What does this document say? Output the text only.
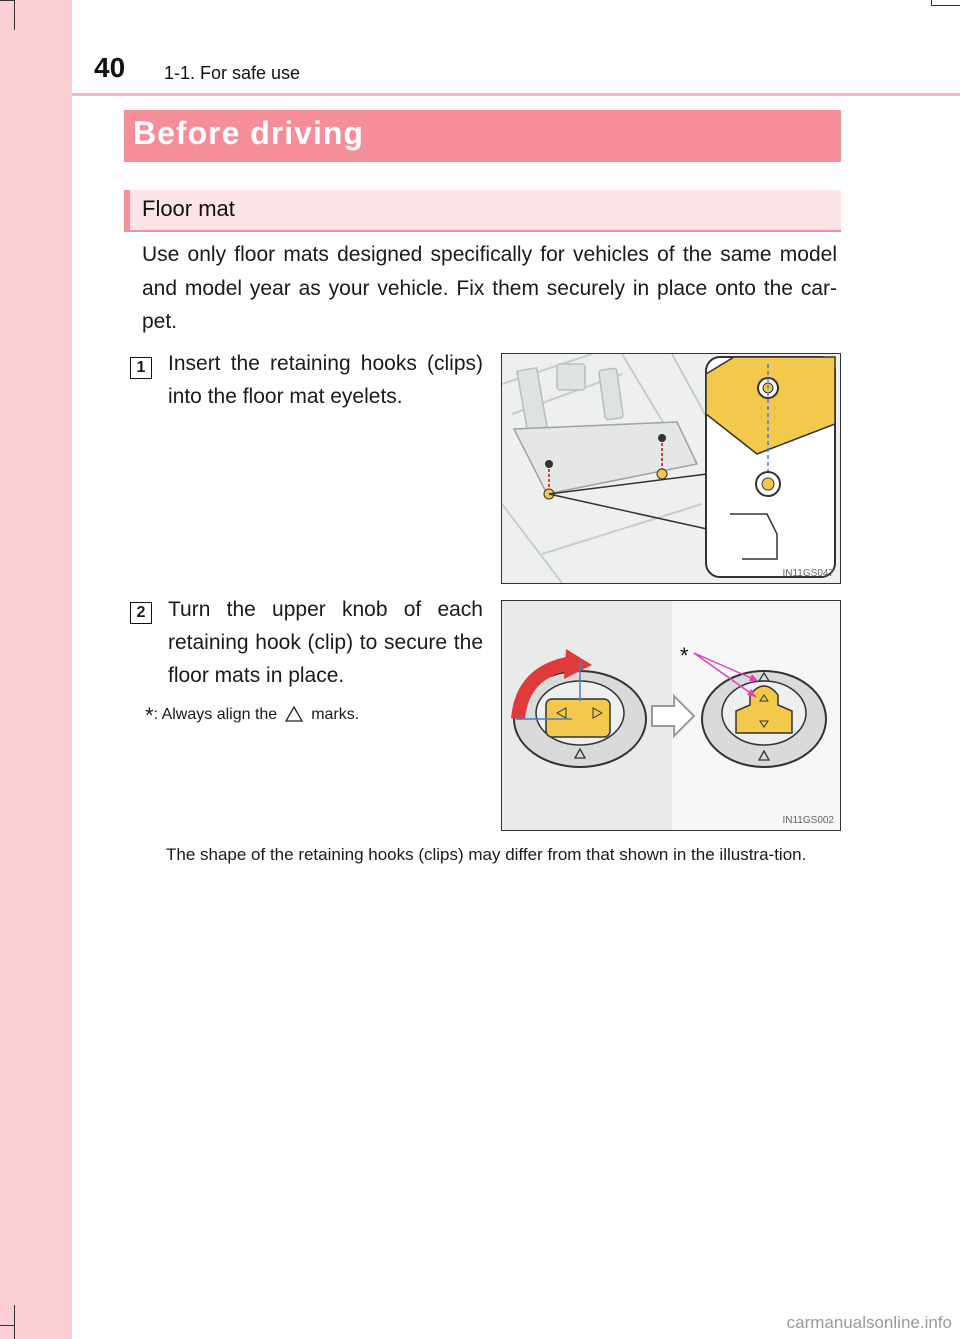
40 1-1. For safe use
Before driving
Floor mat
Use only floor mats designed specifically for vehicles of the same model and model year as your vehicle. Fix them securely in place onto the car-pet.
1	Insert the retaining hooks (clips) into the floor mat eyelets.
IN11GS047
2	Turn the upper knob of each retaining hook (clip) to secure the floor mats in place.
*: Always align the marks.
*
IN11GS002
The shape of the retaining hooks (clips) may differ from that shown in the illustra-tion.
carmanualsonline.info
